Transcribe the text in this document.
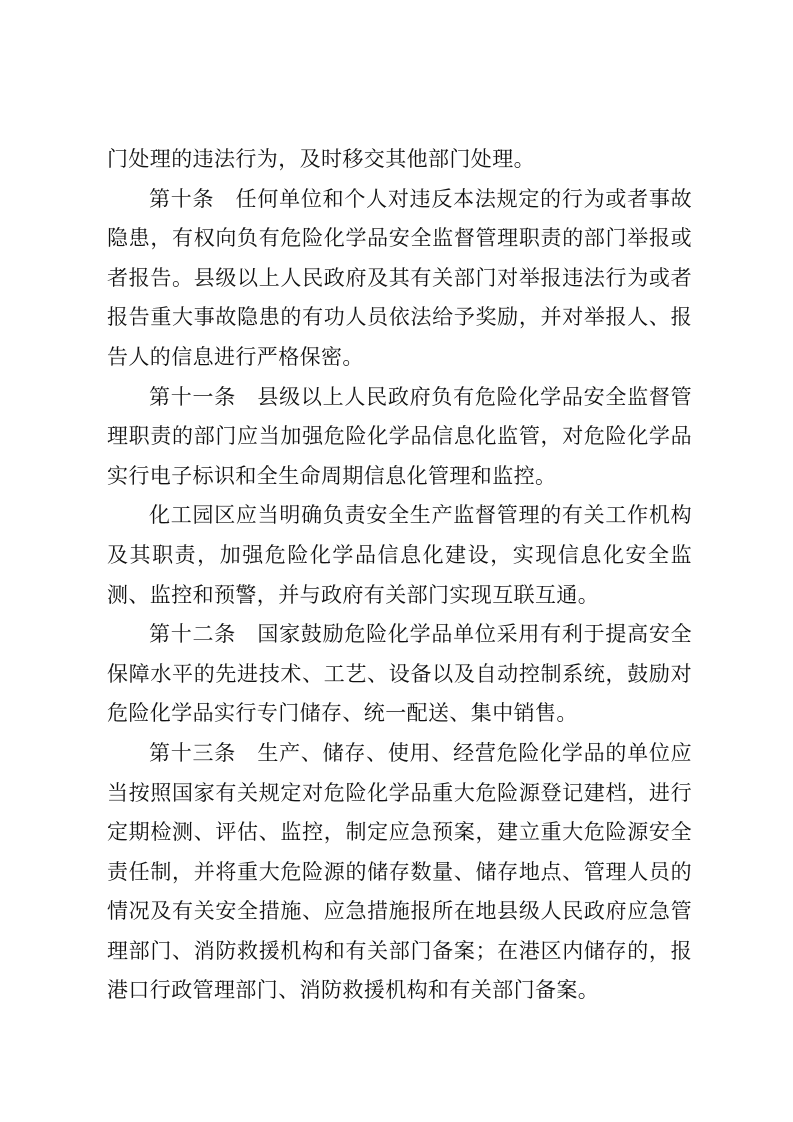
门处理的违法行为，及时移交其他部门处理。

第十条 任何单位和个人对违反本法规定的行为或者事故隐患，有权向负有危险化学品安全监督管理职责的部门举报或者报告。县级以上人民政府及其有关部门对举报违法行为或者报告重大事故隐患的有功人员依法给予奖励，并对举报人、报告人的信息进行严格保密。

第十一条 县级以上人民政府负有危险化学品安全监督管理职责的部门应当加强危险化学品信息化监管，对危险化学品实行电子标识和全生命周期信息化管理和监控。

化工园区应当明确负责安全生产监督管理的有关工作机构及其职责，加强危险化学品信息化建设，实现信息化安全监测、监控和预警，并与政府有关部门实现互联互通。

第十二条 国家鼓励危险化学品单位采用有利于提高安全保障水平的先进技术、工艺、设备以及自动控制系统，鼓励对危险化学品实行专门储存、统一配送、集中销售。

第十三条 生产、储存、使用、经营危险化学品的单位应当按照国家有关规定对危险化学品重大危险源登记建档，进行定期检测、评估、监控，制定应急预案，建立重大危险源安全责任制，并将重大危险源的储存数量、储存地点、管理人员的情况及有关安全措施、应急措施报所在地县级人民政府应急管理部门、消防救援机构和有关部门备案；在港区内储存的，报港口行政管理部门、消防救援机构和有关部门备案。
